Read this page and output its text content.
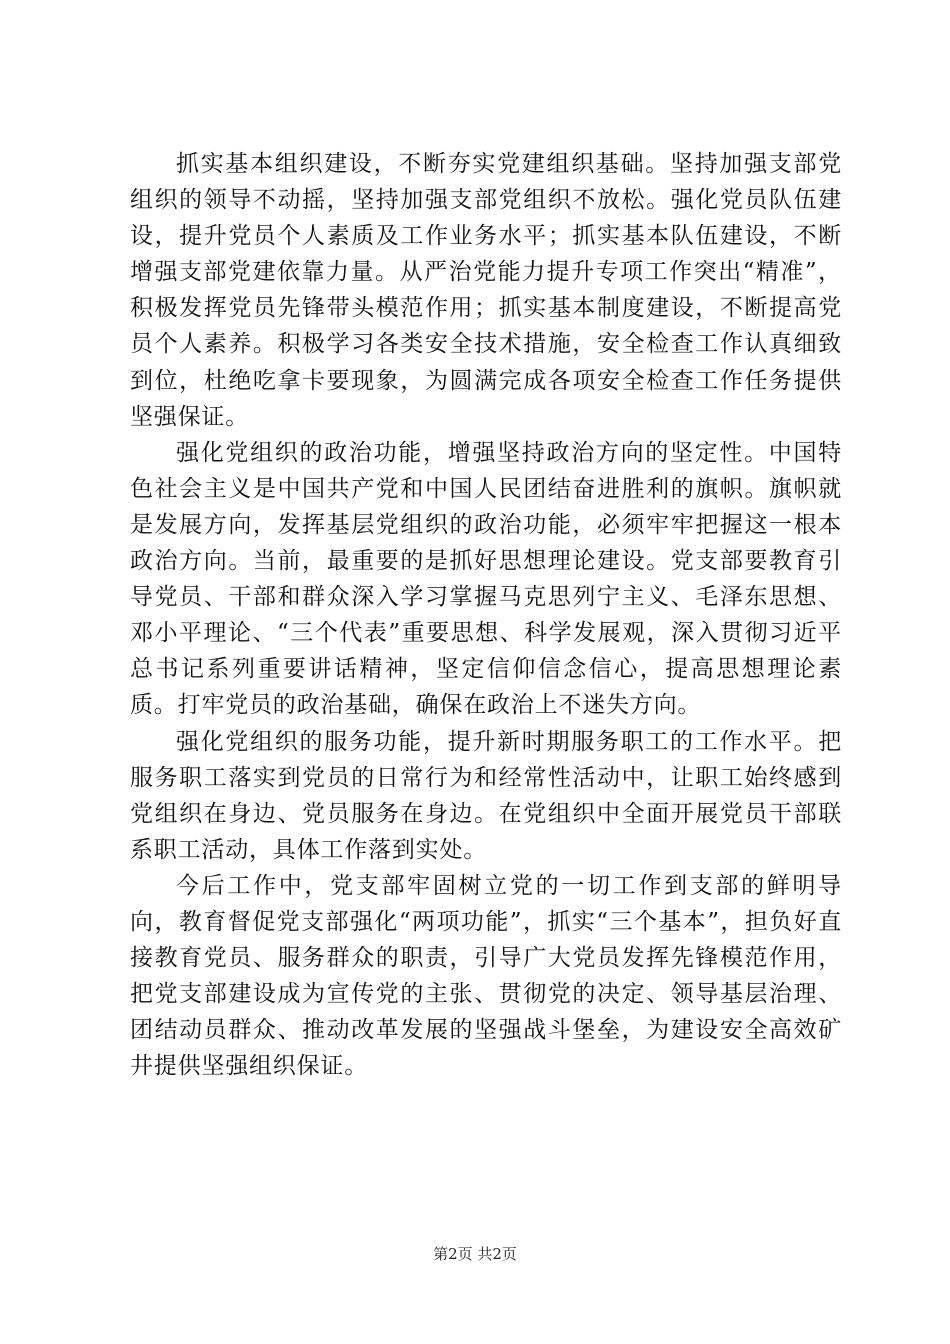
抓实基本组织建设，不断夯实党建组织基础。坚持加强支部党组织的领导不动摇，坚持加强支部党组织不放松。强化党员队伍建设，提升党员个人素质及工作业务水平；抓实基本队伍建设，不断增强支部党建依靠力量。从严治党能力提升专项工作突出“精准”，积极发挥党员先锋带头模范作用；抓实基本制度建设，不断提高党员个人素养。积极学习各类安全技术措施，安全检查工作认真细致到位，杜绝吃拿卡要现象，为圆满完成各项安全检查工作任务提供坚强保证。

强化党组织的政治功能，增强坚持政治方向的坚定性。中国特色社会主义是中国共产党和中国人民团结奋进胜利的旗帜。旗帜就是发展方向，发挥基层党组织的政治功能，必须牢牢把握这一根本政治方向。当前，最重要的是抓好思想理论建设。党支部要教育引导党员、干部和群众深入学习掌握马克思列宁主义、毛泽东思想、邓小平理论、“三个代表”重要思想、科学发展观，深入贯彻习近平总书记系列重要讲话精神，坚定信仰信念信心，提高思想理论素质。打牢党员的政治基础，确保在政治上不迷失方向。

强化党组织的服务功能，提升新时期服务职工的工作水平。把服务职工落实到党员的日常行为和经常性活动中，让职工始终感到党组织在身边、党员服务在身边。在党组织中全面开展党员干部联系职工活动，具体工作落到实处。

今后工作中，党支部牢固树立党的一切工作到支部的鲜明导向，教育督促党支部强化“两项功能”，抓实“三个基本”，担负好直接教育党员、服务群众的职责，引导广大党员发挥先锋模范作用，把党支部建设成为宣传党的主张、贯彻党的决定、领导基层治理、团结动员群众、推动改革发展的坚强战斗堡垒，为建设安全高效矿井提供坚强组织保证。

第2页 共2页
